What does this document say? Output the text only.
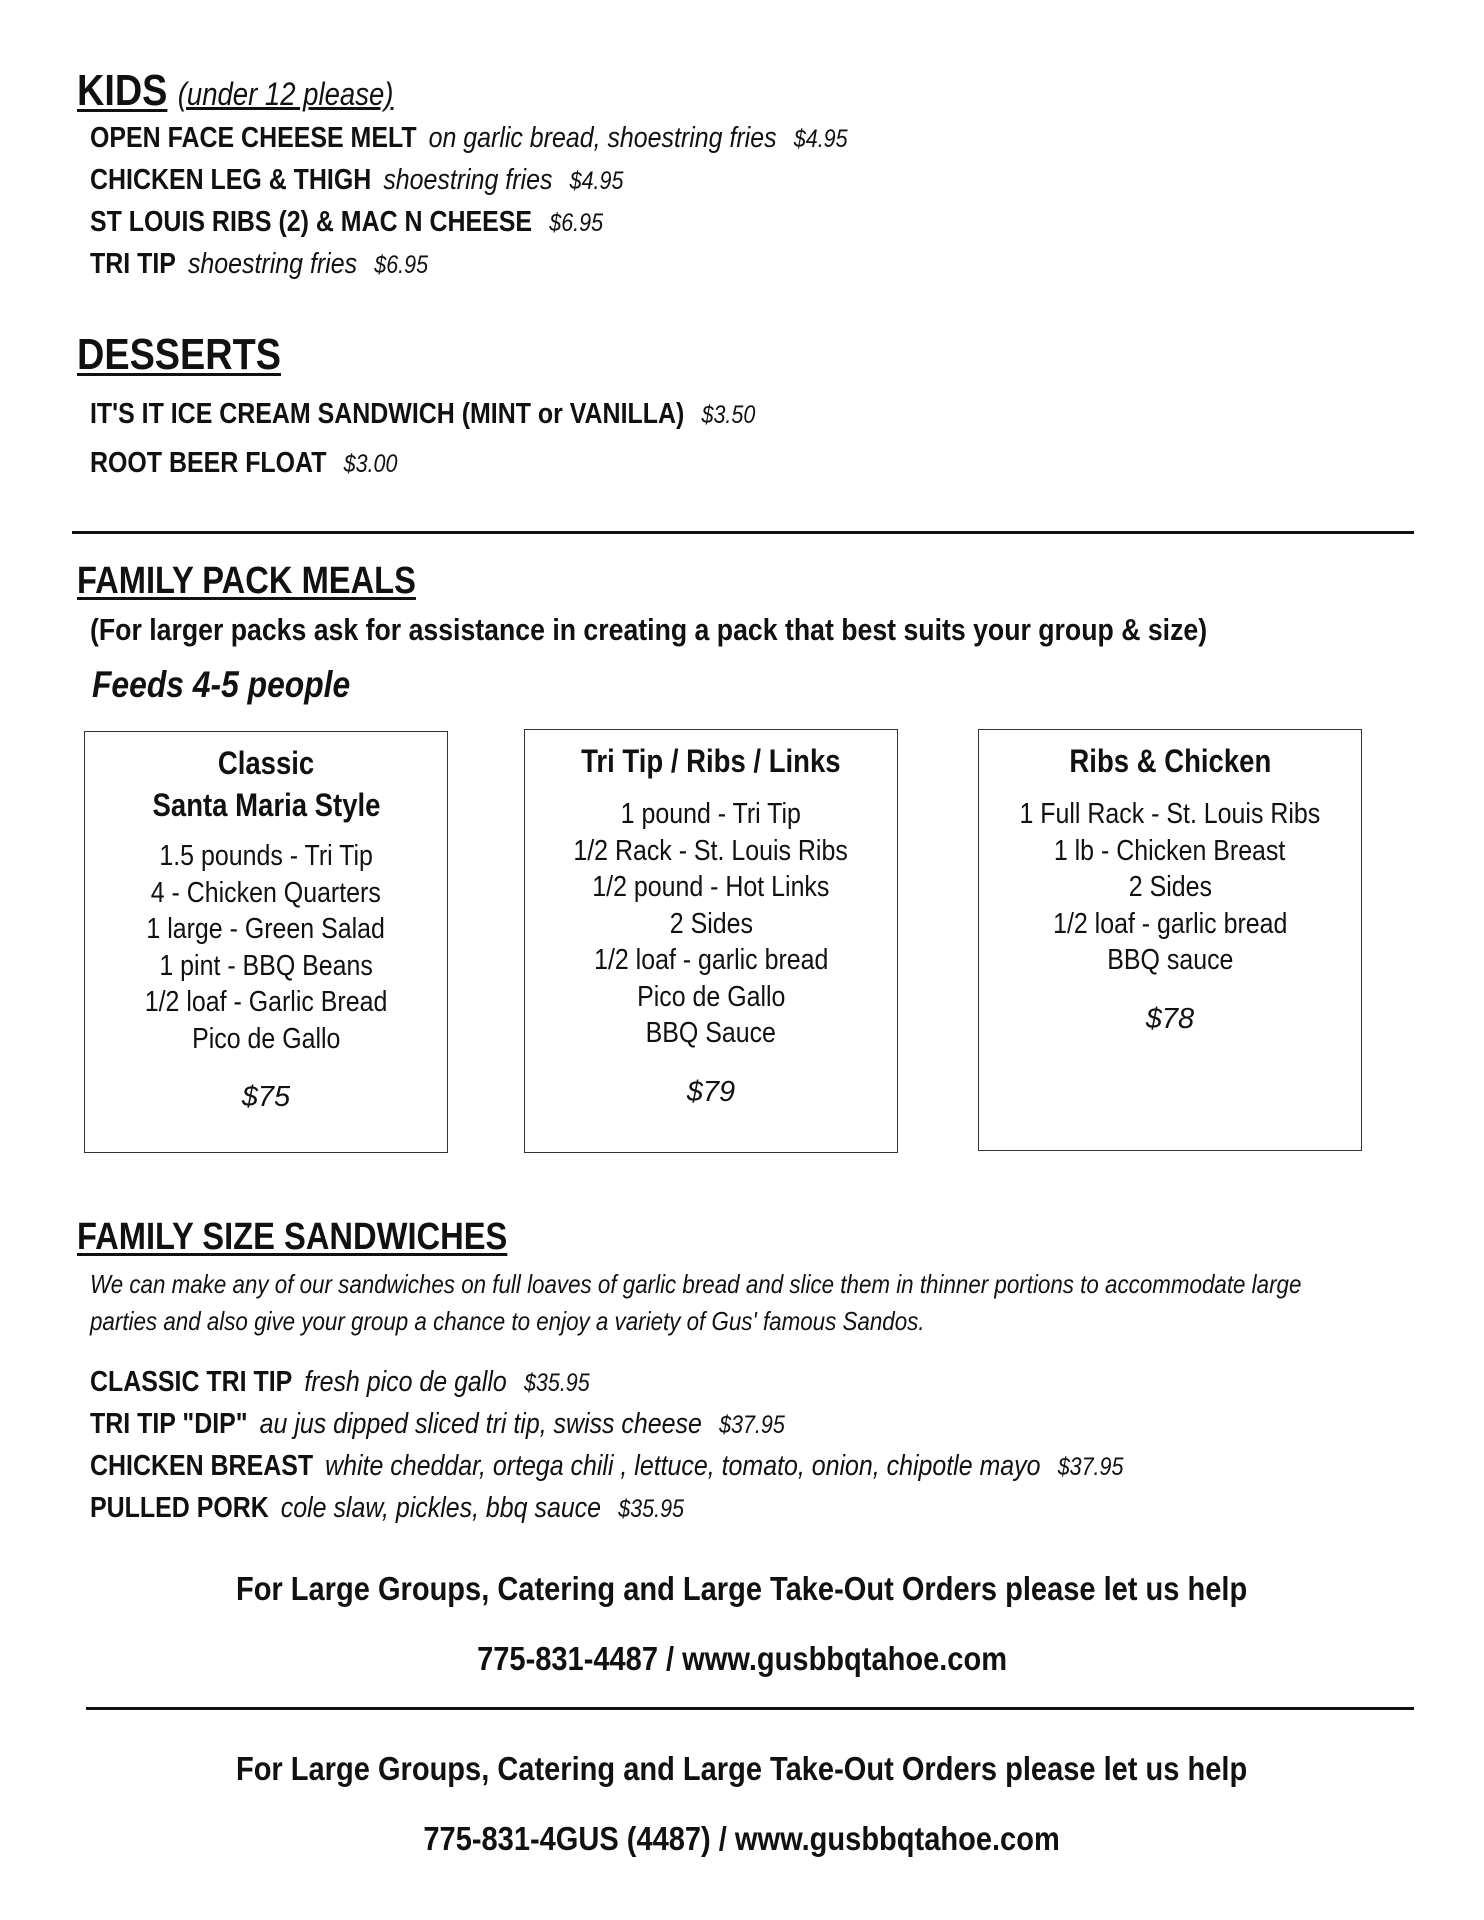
KIDS (under 12 please)
OPEN FACE CHEESE MELT on garlic bread, shoestring fries $4.95
CHICKEN LEG & THIGH shoestring fries $4.95
ST LOUIS RIBS (2) & MAC N CHEESE $6.95
TRI TIP shoestring fries $6.95
DESSERTS
IT'S IT ICE CREAM SANDWICH (MINT or VANILLA) $3.50
ROOT BEER FLOAT $3.00
FAMILY PACK MEALS
(For larger packs ask for assistance in creating a pack that best suits your group & size)
Feeds 4-5 people
Classic
Santa Maria Style
1.5 pounds - Tri Tip
4 - Chicken Quarters
1 large - Green Salad
1 pint - BBQ Beans
1/2 loaf - Garlic Bread
Pico de Gallo
$75
Tri Tip / Ribs / Links
1 pound - Tri Tip
1/2 Rack - St. Louis Ribs
1/2 pound - Hot Links
2 Sides
1/2 loaf - garlic bread
Pico de Gallo
BBQ Sauce
$79
Ribs & Chicken
1 Full Rack - St. Louis Ribs
1 lb - Chicken Breast
2 Sides
1/2 loaf - garlic bread
BBQ sauce
$78
FAMILY SIZE SANDWICHES
We can make any of our sandwiches on full loaves of garlic bread and slice them in thinner portions to accommodate large
parties and also give your group a chance to enjoy a variety of Gus' famous Sandos.
CLASSIC TRI TIP fresh pico de gallo $35.95
TRI TIP "DIP" au jus dipped sliced tri tip, swiss cheese $37.95
CHICKEN BREAST white cheddar, ortega chili , lettuce, tomato, onion, chipotle mayo $37.95
PULLED PORK cole slaw, pickles, bbq sauce $35.95
For Large Groups, Catering and Large Take-Out Orders please let us help
775-831-4487 / www.gusbbqtahoe.com
For Large Groups, Catering and Large Take-Out Orders please let us help
775-831-4GUS (4487) / www.gusbbqtahoe.com
